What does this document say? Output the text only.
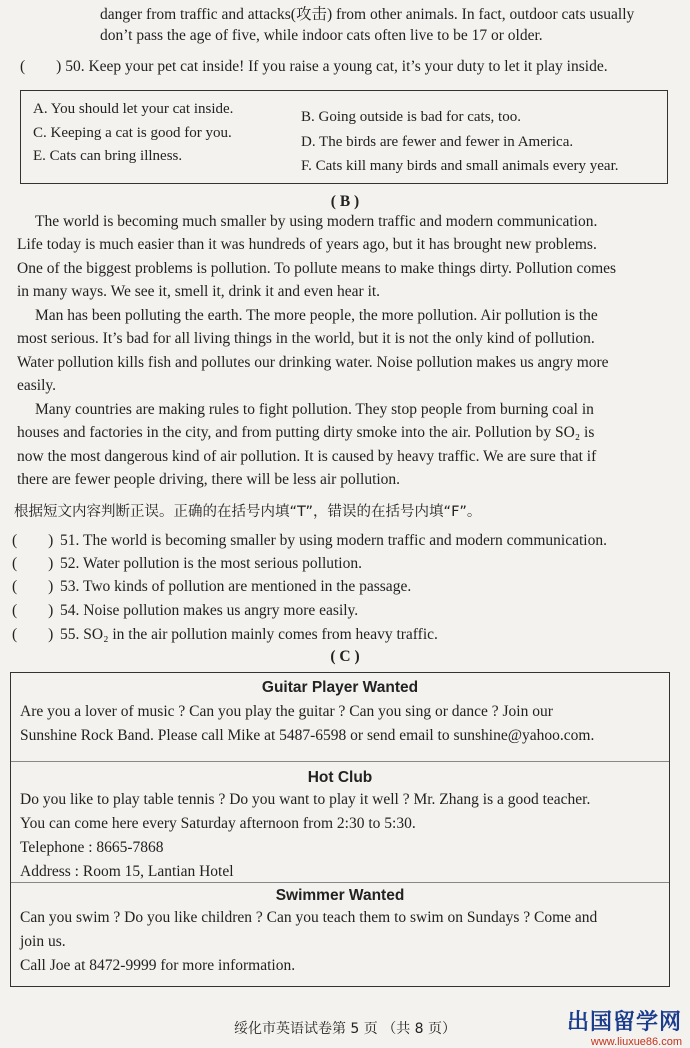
danger from traffic and attacks(攻击) from other animals. In fact, outdoor cats usually
don’t pass the age of five, while indoor cats often live to be 17 or older.
(　　) 50. Keep your pet cat inside! If you raise a young cat, it’s your duty to let it play inside.
A. You should let your cat inside.	B. Going outside is bad for cats, too.
C. Keeping a cat is good for you.
D. The birds are fewer and fewer in America.
E. Cats can bring illness.
F. Cats kill many birds and small animals every year.
( B )
The world is becoming much smaller by using modern traffic and modern communication.
Life today is much easier than it was hundreds of years ago, but it has brought new problems.
One of the biggest problems is pollution. To pollute means to make things dirty. Pollution comes
in many ways. We see it, smell it, drink it and even hear it.
Man has been polluting the earth. The more people, the more pollution. Air pollution is the
most serious. It’s bad for all living things in the world, but it is not the only kind of pollution.
Water pollution kills fish and pollutes our drinking water. Noise pollution makes us angry more
easily.
Many countries are making rules to fight pollution. They stop people from burning coal in
houses and factories in the city, and from putting dirty smoke into the air. Pollution by SO₂ is
now the most dangerous kind of air pollution. It is caused by heavy traffic. We are sure that if
there are fewer people driving, there will be less air pollution.
根据短文内容判断正误。正确的在括号内填“T”，错误的在括号内填“F”。
(　　) 51. The world is becoming smaller by using modern traffic and modern communication.
(　　) 52. Water pollution is the most serious pollution.
(　　) 53. Two kinds of pollution are mentioned in the passage.
(　　) 54. Noise pollution makes us angry more easily.
(　　) 55. SO₂ in the air pollution mainly comes from heavy traffic.
( C )
Guitar Player Wanted
Are you a lover of music ? Can you play the guitar ? Can you sing or dance ? Join our
Sunshine Rock Band. Please call Mike at 5487-6598 or send email to sunshine@yahoo.com.
Hot Club
Do you like to play table tennis ? Do you want to play it well ? Mr. Zhang is a good teacher.
You can come here every Saturday afternoon from 2:30 to 5:30.
Telephone : 8665-7868
Address : Room 15, Lantian Hotel
Swimmer Wanted
Can you swim ? Do you like children ? Can you teach them to swim on Sundays ? Come and
join us.
Call Joe at 8472-9999 for more information.
绥化市英语试卷第 5 页 （共 8 页）	出国留学网
www.liuxue86.com
